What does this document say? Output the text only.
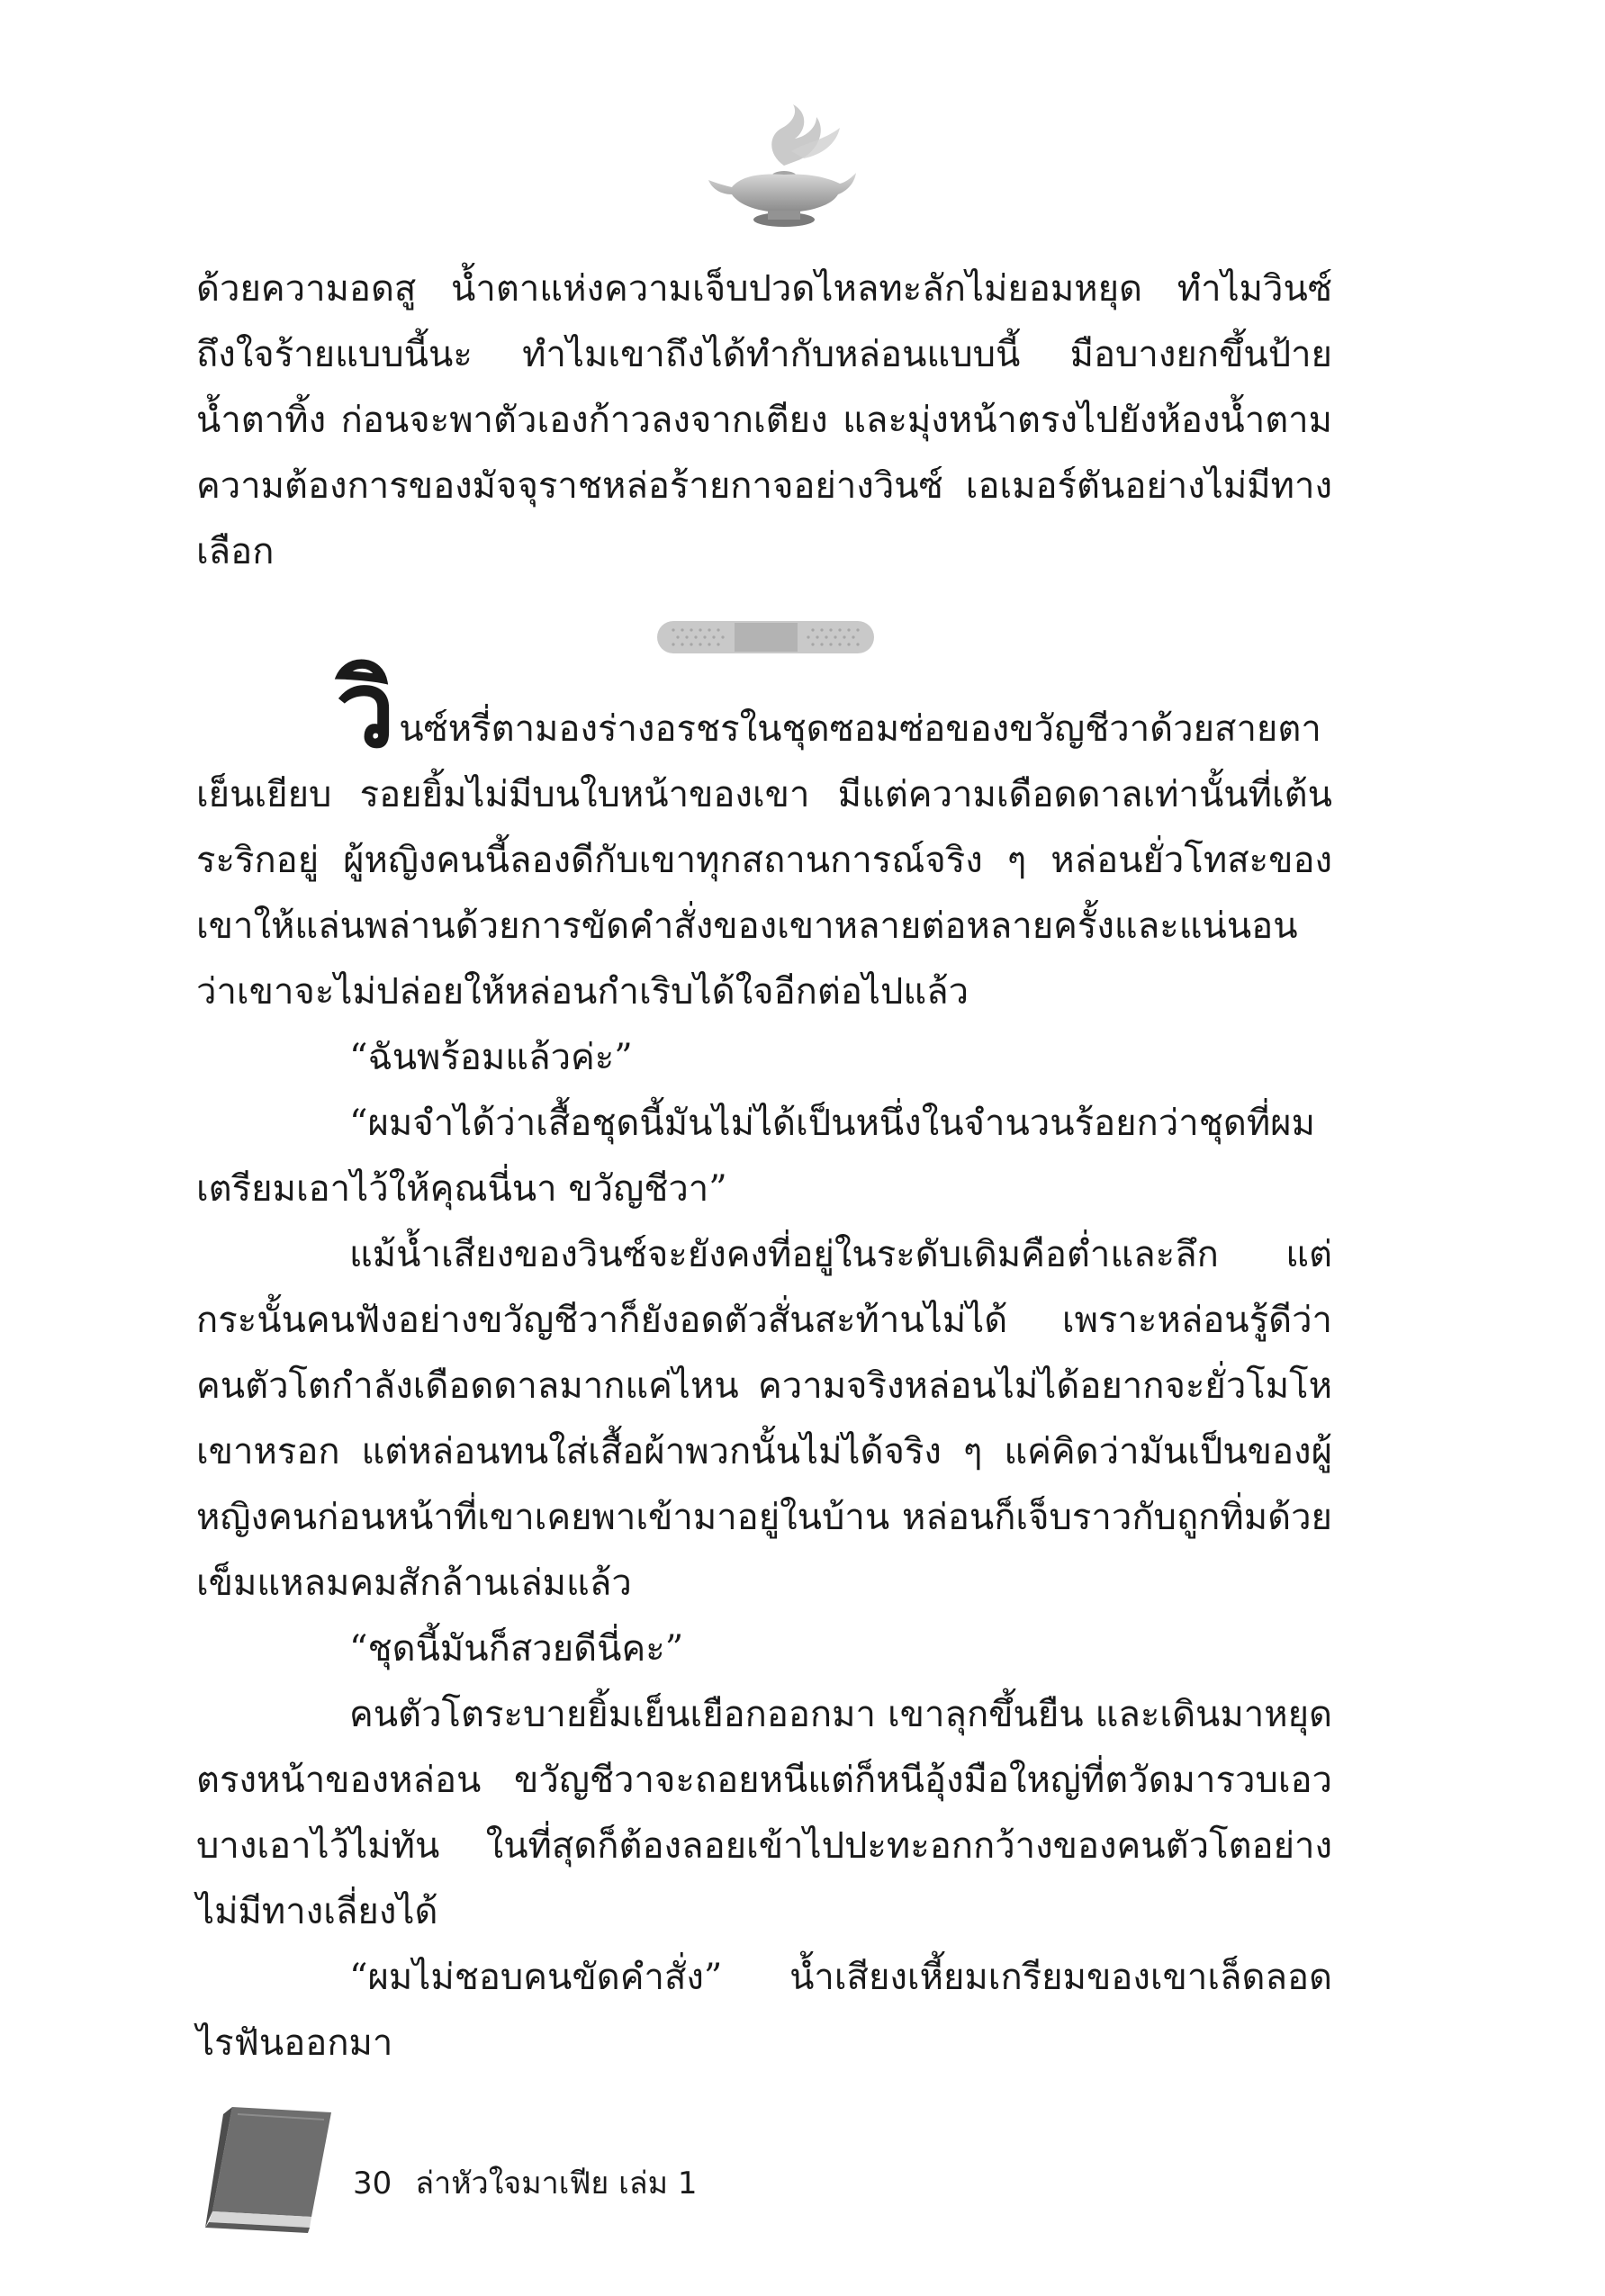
ด้วยความอดสู น้ำตาแห่งความเจ็บปวดไหลทะลักไม่ยอมหยุด ทำไมวินซ์ถึงใจร้ายแบบนี้นะ ทำไมเขาถึงได้ทำกับหล่อนแบบนี้ มือบางยกขึ้นป้ายน้ำตาทิ้ง ก่อนจะพาตัวเองก้าวลงจากเตียง และมุ่งหน้าตรงไปยังห้องน้ำตามความต้องการของมัจจุราชหล่อร้ายกาจอย่างวินซ์ เอเมอร์ตันอย่างไม่มีทางเลือก

วินซ์หรี่ตามองร่างอรชรในชุดซอมซ่อของขวัญชีวาด้วยสายตาเย็นเยียบ รอยยิ้มไม่มีบนใบหน้าของเขา มีแต่ความเดือดดาลเท่านั้นที่เต้นระริกอยู่ ผู้หญิงคนนี้ลองดีกับเขาทุกสถานการณ์จริง ๆ หล่อนยั่วโทสะของเขาให้แล่นพล่านด้วยการขัดคำสั่งของเขาหลายต่อหลายครั้งและแน่นอนว่าเขาจะไม่ปล่อยให้หล่อนกำเริบได้ใจอีกต่อไปแล้ว

“ฉันพร้อมแล้วค่ะ”

“ผมจำได้ว่าเสื้อชุดนี้มันไม่ได้เป็นหนึ่งในจำนวนร้อยกว่าชุดที่ผมเตรียมเอาไว้ให้คุณนี่นา ขวัญชีวา”

แม้น้ำเสียงของวินซ์จะยังคงที่อยู่ในระดับเดิมคือต่ำและลึก แต่กระนั้นคนฟังอย่างขวัญชีวาก็ยังอดตัวสั่นสะท้านไม่ได้ เพราะหล่อนรู้ดีว่าคนตัวโตกำลังเดือดดาลมากแค่ไหน ความจริงหล่อนไม่ได้อยากจะยั่วโมโหเขาหรอก แต่หล่อนทนใส่เสื้อผ้าพวกนั้นไม่ได้จริง ๆ แค่คิดว่ามันเป็นของผู้หญิงคนก่อนหน้าที่เขาเคยพาเข้ามาอยู่ในบ้าน หล่อนก็เจ็บราวกับถูกทิ่มด้วยเข็มแหลมคมสักล้านเล่มแล้ว

“ชุดนี้มันก็สวยดีนี่คะ”

คนตัวโตระบายยิ้มเย็นเยือกออกมา เขาลุกขึ้นยืน และเดินมาหยุดตรงหน้าของหล่อน ขวัญชีวาจะถอยหนีแต่ก็หนีอุ้งมือใหญ่ที่ตวัดมารวบเอวบางเอาไว้ไม่ทัน ในที่สุดก็ต้องลอยเข้าไปปะทะอกกว้างของคนตัวโตอย่างไม่มีทางเลี่ยงได้

“ผมไม่ชอบคนขัดคำสั่ง” น้ำเสียงเหี้ยมเกรียมของเขาเล็ดลอดไรฟันออกมา

30 ล่าหัวใจมาเฟีย เล่ม 1
